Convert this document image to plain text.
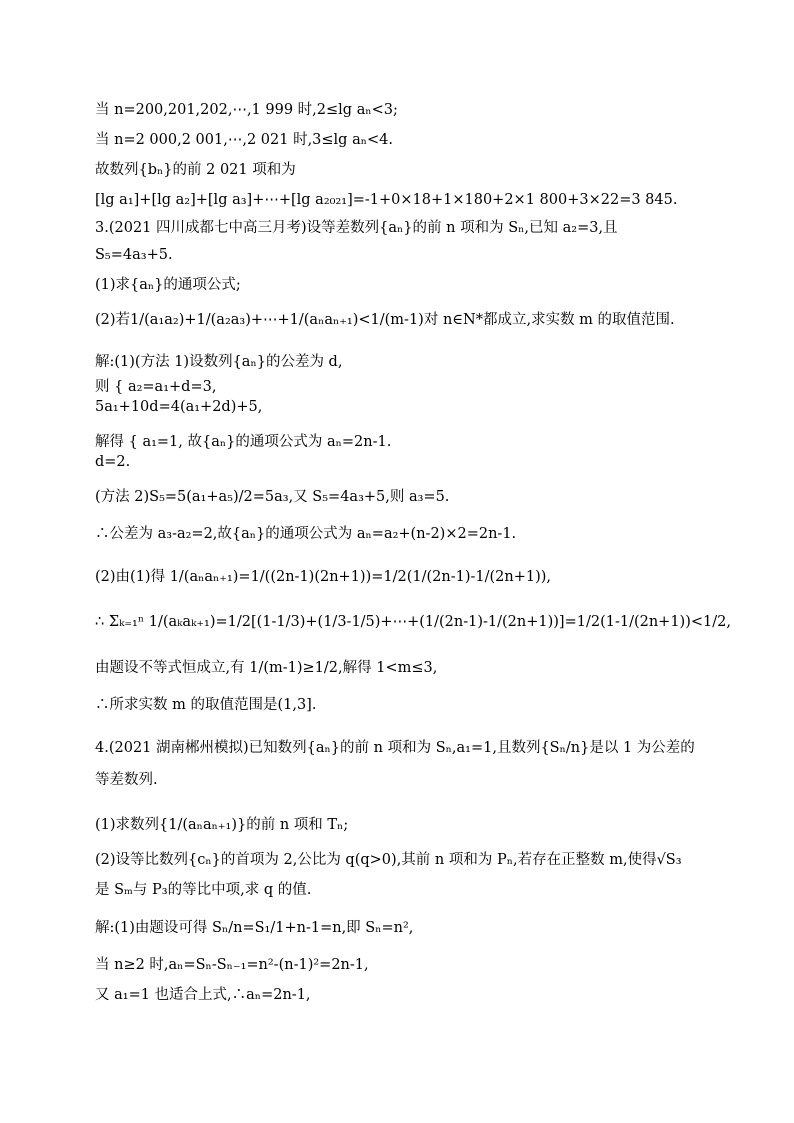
当 n=200,201,202,⋯,1 999 时,2≤lg aₙ<3;
当 n=2 000,2 001,⋯,2 021 时,3≤lg aₙ<4.
故数列{bₙ}的前 2 021 项和为
[lg a₁]+[lg a₂]+[lg a₃]+⋯+[lg a₂₀₂₁]=-1+0×18+1×180+2×1 800+3×22=3 845.
3.(2021 四川成都七中高三月考)设等差数列{aₙ}的前 n 项和为 Sₙ,已知 a₂=3,且
S₅=4a₃+5.
(1)求{aₙ}的通项公式;
(2)若1/(a₁a₂)+1/(a₂a₃)+⋯+1/(aₙaₙ₊₁)<1/(m-1)对 n∈N*都成立,求实数 m 的取值范围.
解:(1)(方法 1)设数列{aₙ}的公差为 d,
则 { a₂=a₁+d=3,
5a₁+10d=4(a₁+2d)+5,
解得 { a₁=1, 故{aₙ}的通项公式为 aₙ=2n-1.
d=2.
(方法 2)S₅=5(a₁+a₅)/2=5a₃,又 S₅=4a₃+5,则 a₃=5.
∴公差为 a₃-a₂=2,故{aₙ}的通项公式为 aₙ=a₂+(n-2)×2=2n-1.
(2)由(1)得 1/(aₙaₙ₊₁)=1/((2n-1)(2n+1))=1/2(1/(2n-1)-1/(2n+1)),
∴ Σₖ₌₁ⁿ 1/(aₖaₖ₊₁)=1/2[(1-1/3)+(1/3-1/5)+⋯+(1/(2n-1)-1/(2n+1))]=1/2(1-1/(2n+1))<1/2,
由题设不等式恒成立,有 1/(m-1)≥1/2,解得 1<m≤3,
∴所求实数 m 的取值范围是(1,3].
4.(2021 湖南郴州模拟)已知数列{aₙ}的前 n 项和为 Sₙ,a₁=1,且数列{Sₙ/n}是以 1 为公差的
等差数列.
(1)求数列{1/(aₙaₙ₊₁)}的前 n 项和 Tₙ;
(2)设等比数列{cₙ}的首项为 2,公比为 q(q>0),其前 n 项和为 Pₙ,若存在正整数 m,使得√S₃
是 Sₘ与 P₃的等比中项,求 q 的值.
解:(1)由题设可得 Sₙ/n=S₁/1+n-1=n,即 Sₙ=n²,
当 n≥2 时,aₙ=Sₙ-Sₙ₋₁=n²-(n-1)²=2n-1,
又 a₁=1 也适合上式,∴aₙ=2n-1,
